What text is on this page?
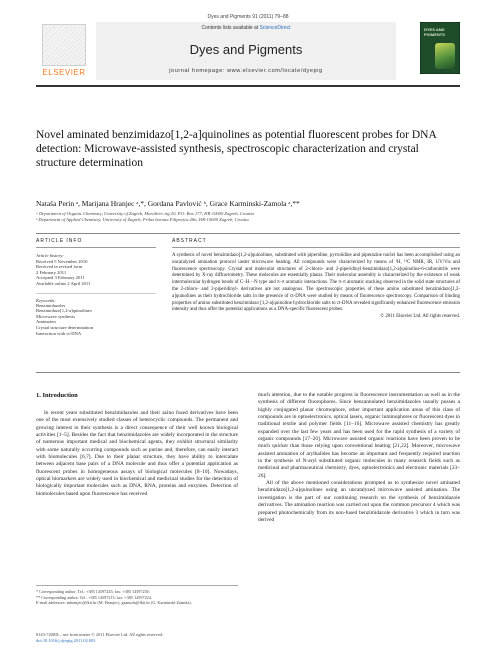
Dyes and Pigments 91 (2011) 79–88
ELSEVIER
Contents lists available at ScienceDirect
Dyes and Pigments
journal homepage: www.elsevier.com/locate/dyepig
DYES AND PIGMENTS
Novel aminated benzimidazo[1,2-a]quinolines as potential fluorescent probes for DNA detection: Microwave-assisted synthesis, spectroscopic characterization and crystal structure determination
Nataša Perin ᵃ, Marijana Hranjec ᵃ,*, Gordana Pavlović ᵇ, Grace Karminski-Zamola ᵃ,**
ᵃ Department of Organic Chemistry, University of Zagreb, Marulićev trg 20, P.O. Box 177, HR-10000 Zagreb, Croatia
ᵇ Department of Applied Chemistry, University of Zagreb, Prilaz baruna Filipovića 28a, HR-10000 Zagreb, Croatia
ARTICLE INFO
Article history:
Received 5 November 2010
Received in revised form
2 February 2011
Accepted 3 February 2011
Available online 2 April 2011
Keywords:
Benzimidazoles
Benzimidazo[1,2-a]quinolines
Microwave synthesis
Amination
Crystal structure determination
Interaction with ct-DNA
ABSTRACT
A synthesis of novel benzimidazo[1,2-a]quinolines, substituted with piperidine, pyrrolidine and piperazine nuclei has been accomplished using an uncatalyzed amination protocol under microwave heating. All compounds were characterized by means of ¹H, ¹³C NMR, IR, UV/Vis and fluorescence spectroscopy. Crystal and molecular structures of 2-chloro- and 2-piperidinyl-benzimidazo[1,2-a]quinoline-6-carbonitrile were determined by X-ray diffractometry. These molecules are essentially planar. Their molecular assembly is characterized by the existence of weak intermolecular hydrogen bonds of C–H···N type and π–π aromatic interactions. The π–π aromatic stacking observed in the solid state structures of the 2-chloro- and 2-piperidinyl- derivatives are not analogous. The spectroscopic properties of these amino substituted benzimidazo[1,2-a]quinolines as their hydrochloride salts in the presence of ct-DNA were studied by means of fluorescence spectroscopy. Comparison of binding properties of amino substituted benzimidazo [1,2-a]quinoline hydrochloride salts to ct-DNA revealed significantly enhanced fluorescence emission intensity and thus offer the potential applications as a DNA-specific fluorescent probes.
© 2011 Elsevier Ltd. All rights reserved.
1. Introduction

In recent years substituted benzimidazoles and their azino fused derivatives have been one of the most extensively studied classes of heterocyclic compounds. The permanent and growing interest in their synthesis is a direct consequence of their well known biological activities [1–5]. Besides the fact that benzimidazoles are widely incorporated in the structure of numerous important medical and biochemical agents, they exhibit structural similarity with some naturally occurring compounds such as purine and, therefore, can easily interact with biomolecules [6,7]. Due to their planar structure, they have ability to intercalate between adjacent base pairs of a DNA molecule and thus offer a potential application as fluorescent probes in homogeneous assays of biological molecules [8–10]. Nowadays, optical biomarkers are widely used in biochemical and medicinal studies for the detection of biologically important molecules such as DNA, RNA, proteins and enzymes. Detection of biomolecules based upon fluorescence has received

much attention, due to the notable progress in fluorescence instrumentation as well as in the synthesis of different fluorophores. Since benzannulated benzimidazoles usually posses a highly conjugated planar chromophore, other important application areas of this class of compounds are in optoelectronics, optical lasers, organic luminophores or fluorescent dyes in traditional textile and polymer fields [11–16]. Microwave assisted chemistry has greatly expanded over the last few years and has been used for the rapid synthesis of a variety of organic compounds [17–20]. Microwave assisted organic reactions have been proven to be much quicker than those relying upon conventional heating [21,22]. Moreover, microwave assisted amination of arylhalides has become an important and frequently required reaction in the synthesis of N-aryl substituted organic molecules in many research fields such as medicinal and pharmaceutical chemistry, dyes, optoelectronics and electronic materials [23–26].

All of the above mentioned considerations prompted us to synthesize novel aminated benzimidazo[1,2-a]quinolines using an uncatalyzed microwave assisted amination. The investigation is the part of our continuing research on the synthesis of benzimidazole derivatives. The amination reaction was carried out upon the common precursor 4 which was prepared photochemically from its non-fused benzimidazole derivative 3 which in turn was derived

* Corresponding author. Tel.: +385 14597245; fax: +385 14597250.
** Corresponding author. Tel.: +385 14597215; fax: +385 14597224.
E-mail addresses: mhranjec@fkit.hr (M. Hranjec), gzamola@fkit.hr (G. Karminski-Zamola).
0143-7208/$ – see front matter © 2011 Elsevier Ltd. All rights reserved.
doi:10.1016/j.dyepig.2011.02.003
